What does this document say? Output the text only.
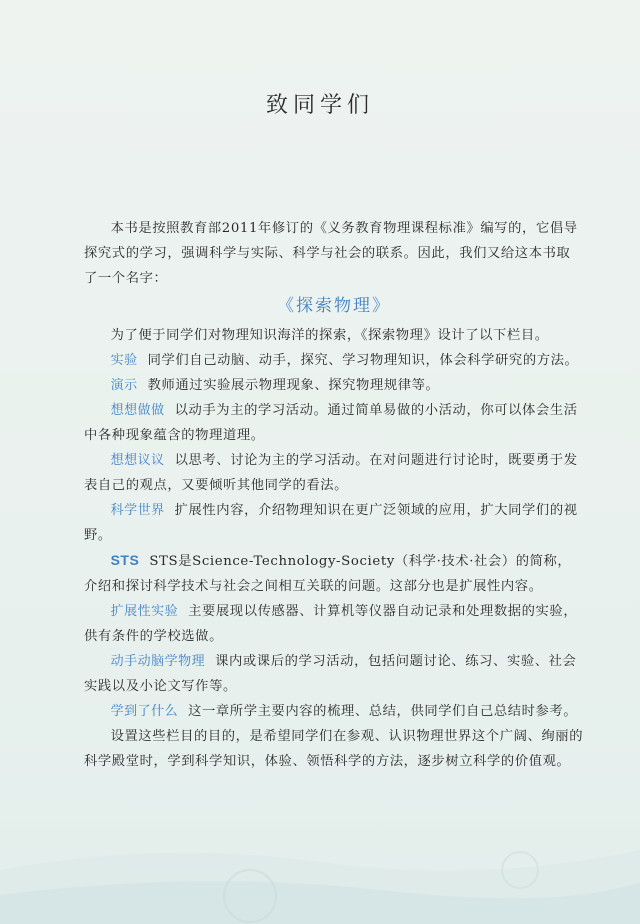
致同学们

本书是按照教育部2011年修订的《义务教育物理课程标准》编写的，它倡导探究式的学习，强调科学与实际、科学与社会的联系。因此，我们又给这本书取了一个名字：

《探索物理》

为了便于同学们对物理知识海洋的探索，《探索物理》设计了以下栏目。

实验 同学们自己动脑、动手，探究、学习物理知识，体会科学研究的方法。

演示 教师通过实验展示物理现象、探究物理规律等。

想想做做 以动手为主的学习活动。通过简单易做的小活动，你可以体会生活中各种现象蕴含的物理道理。

想想议议 以思考、讨论为主的学习活动。在对问题进行讨论时，既要勇于发表自己的观点，又要倾听其他同学的看法。

科学世界 扩展性内容，介绍物理知识在更广泛领域的应用，扩大同学们的视野。

STS STS是Science-Technology-Society（科学·技术·社会）的简称，介绍和探讨科学技术与社会之间相互关联的问题。这部分也是扩展性内容。

扩展性实验 主要展现以传感器、计算机等仪器自动记录和处理数据的实验，供有条件的学校选做。

动手动脑学物理 课内或课后的学习活动，包括问题讨论、练习、实验、社会实践以及小论文写作等。

学到了什么 这一章所学主要内容的梳理、总结，供同学们自己总结时参考。

设置这些栏目的目的，是希望同学们在参观、认识物理世界这个广阔、绚丽的科学殿堂时，学到科学知识，体验、领悟科学的方法，逐步树立科学的价值观。
